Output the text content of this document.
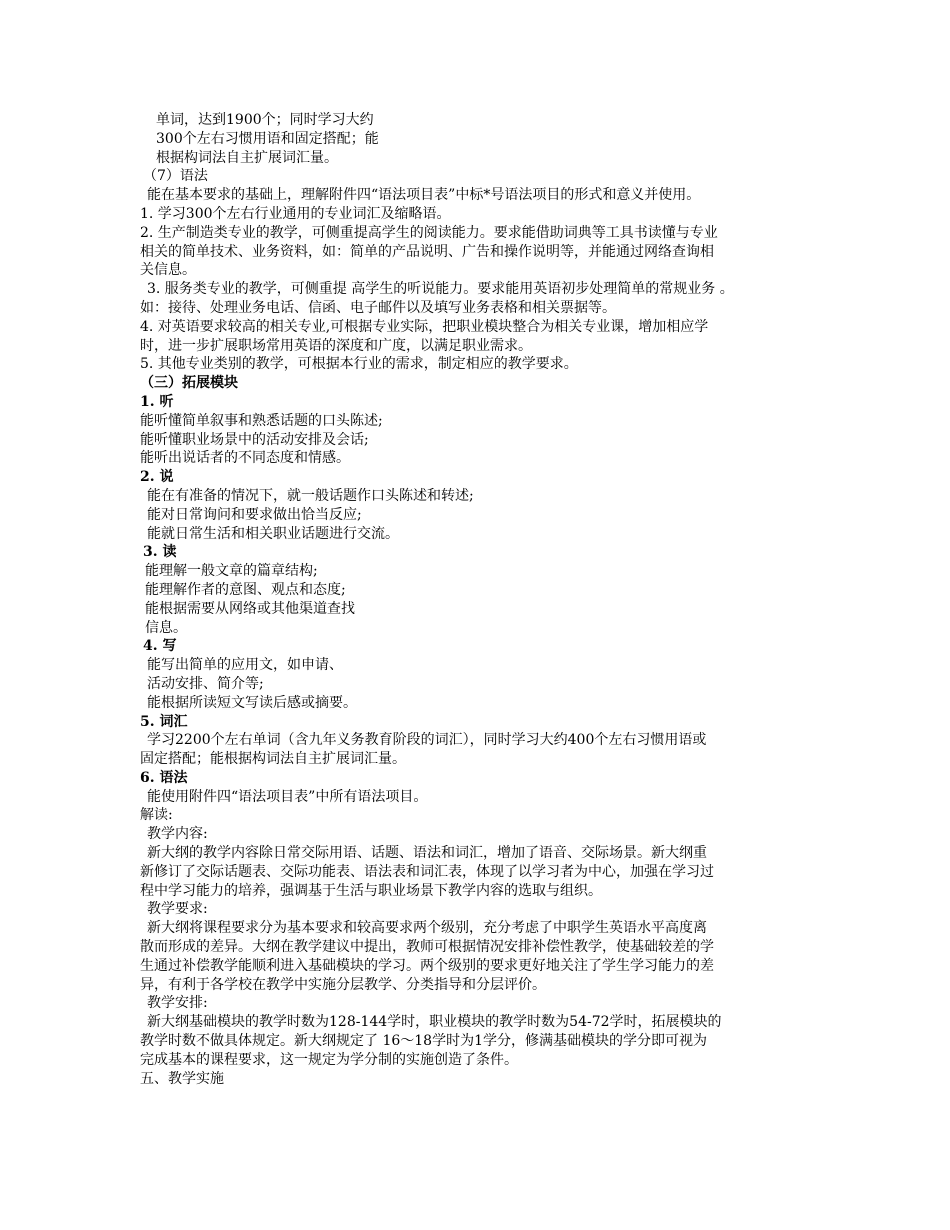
单词，达到1900个；同时学习大约

300个左右习惯用语和固定搭配；能

根据构词法自主扩展词汇量。

（7）语法

能在基本要求的基础上，理解附件四“语法项目表”中标*号语法项目的形式和意义并使用。

1. 学习300个左右行业通用的专业词汇及缩略语。

2. 生产制造类专业的教学，可侧重提高学生的阅读能力。要求能借助词典等工具书读懂与专业

相关的简单技术、业务资料，如：简单的产品说明、广告和操作说明等，并能通过网络查询相

关信息。

3. 服务类专业的教学，可侧重提 高学生的听说能力。要求能用英语初步处理简单的常规业务 。

如：接待、处理业务电话、信函、电子邮件以及填写业务表格和相关票据等。

4. 对英语要求较高的相关专业,可根据专业实际，把职业模块整合为相关专业课，增加相应学

时，进一步扩展职场常用英语的深度和广度，以满足职业需求。

5. 其他专业类别的教学，可根据本行业的需求，制定相应的教学要求。

（三）拓展模块

1. 听

能听懂简单叙事和熟悉话题的口头陈述;

能听懂职业场景中的活动安排及会话;

能听出说话者的不同态度和情感。

2. 说

能在有准备的情况下，就一般话题作口头陈述和转述;

能对日常询问和要求做出恰当反应;

能就日常生活和相关职业话题进行交流。

3. 读

能理解一般文章的篇章结构;

能理解作者的意图、观点和态度;

能根据需要从网络或其他渠道查找

信息。

4. 写

能写出简单的应用文，如申请、

活动安排、简介等;

能根据所读短文写读后感或摘要。

5. 词汇

学习2200个左右单词（含九年义务教育阶段的词汇），同时学习大约400个左右习惯用语或

固定搭配；能根据构词法自主扩展词汇量。

6. 语法

能使用附件四“语法项目表”中所有语法项目。

解读:

教学内容:

新大纲的教学内容除日常交际用语、话题、语法和词汇，增加了语音、交际场景。新大纲重

新修订了交际话题表、交际功能表、语法表和词汇表，体现了以学习者为中心，加强在学习过

程中学习能力的培养，强调基于生活与职业场景下教学内容的选取与组织。

教学要求:

新大纲将课程要求分为基本要求和较高要求两个级别，充分考虑了中职学生英语水平高度离

散而形成的差异。大纲在教学建议中提出，教师可根据情况安排补偿性教学，使基础较差的学

生通过补偿教学能顺利进入基础模块的学习。两个级别的要求更好地关注了学生学习能力的差

异，有利于各学校在教学中实施分层教学、分类指导和分层评价。

教学安排:

新大纲基础模块的教学时数为128-144学时，职业模块的教学时数为54-72学时，拓展模块的

教学时数不做具体规定。新大纲规定了 16～18学时为1学分，修满基础模块的学分即可视为

完成基本的课程要求，这一规定为学分制的实施创造了条件。

五、教学实施
